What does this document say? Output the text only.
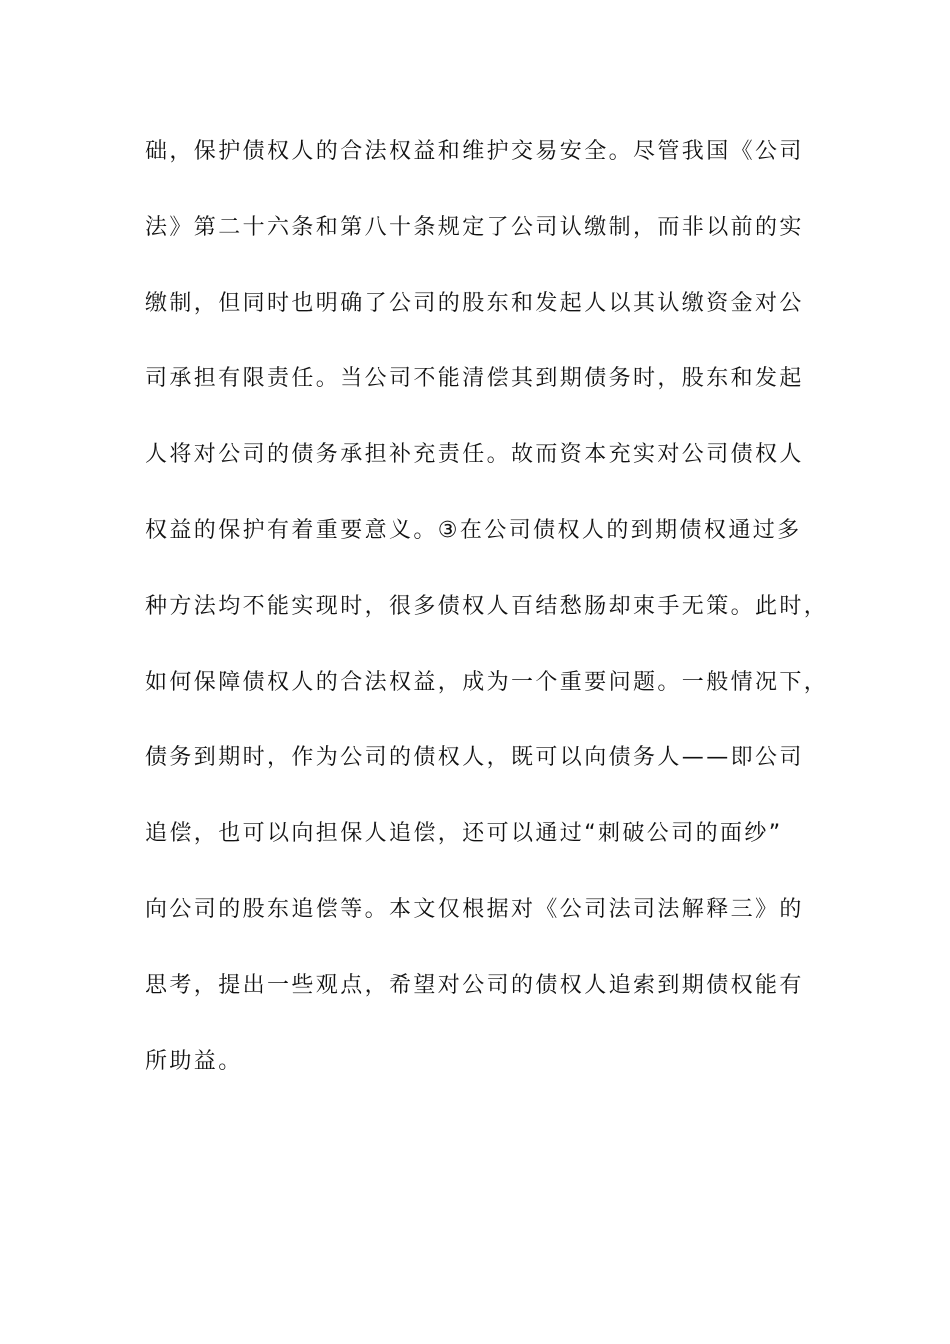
础，保护债权人的合法权益和维护交易安全。尽管我国《公司
法》第二十六条和第八十条规定了公司认缴制，而非以前的实
缴制，但同时也明确了公司的股东和发起人以其认缴资金对公
司承担有限责任。当公司不能清偿其到期债务时，股东和发起
人将对公司的债务承担补充责任。故而资本充实对公司债权人
权益的保护有着重要意义。③在公司债权人的到期债权通过多
种方法均不能实现时，很多债权人百结愁肠却束手无策。此时，
如何保障债权人的合法权益，成为一个重要问题。一般情况下，
债务到期时，作为公司的债权人，既可以向债务人——即公司
追偿，也可以向担保人追偿，还可以通过“刺破公司的面纱”
向公司的股东追偿等。本文仅根据对《公司法司法解释三》的
思考，提出一些观点，希望对公司的债权人追索到期债权能有
所助益。
